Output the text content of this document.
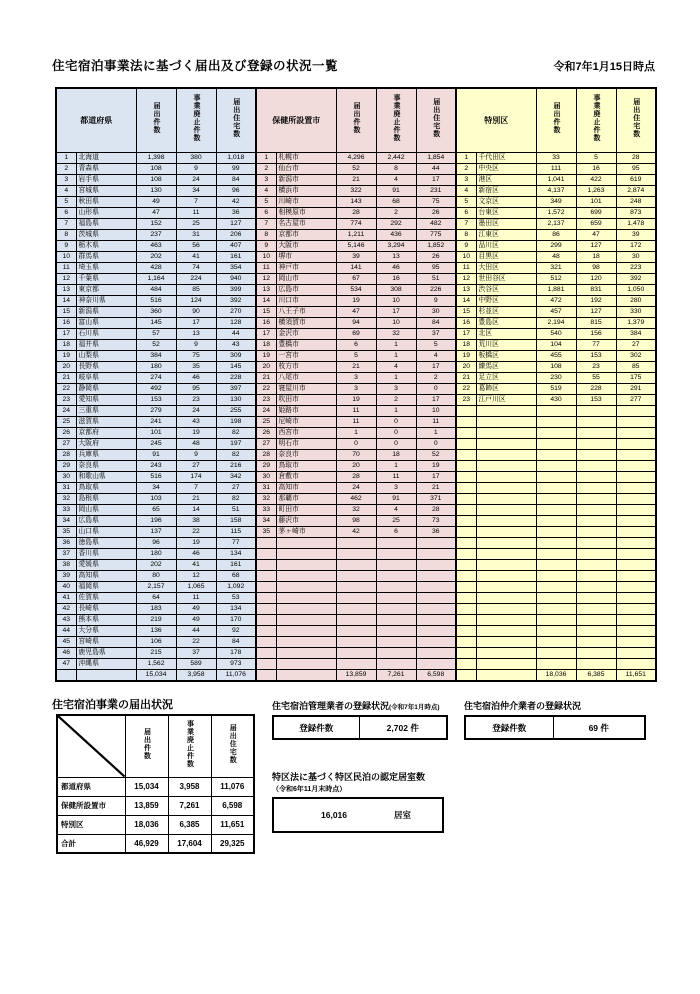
住宅宿泊事業法に基づく届出及び登録の状況一覧	令和7年1月15日時点
都道府県		届出件数	事業廃止件数	届出住宅数	保健所設置市		届出件数	事業廃止件数	届出住宅数	特別区		届出件数	事業廃止件数	届出住宅数
1	北海道	1,398	380	1,018	1	札幌市	4,296	2,442	1,854	1	千代田区	33	5	28
2	青森県	108	9	99	2	仙台市	52	8	44	2	中央区	111	16	95
3	岩手県	108	24	84	3	新潟市	21	4	17	3	港区	1,041	422	619
4	宮城県	130	34	96	4	横浜市	322	91	231	4	新宿区	4,137	1,263	2,874
5	秋田県	49	7	42	5	川崎市	143	68	75	5	文京区	349	101	248
6	山形県	47	11	36	6	相模原市	28	2	26	6	台東区	1,572	699	873
7	福島県	152	25	127	7	名古屋市	774	292	482	7	墨田区	2,137	659	1,478
8	茨城県	237	31	206	8	京都市	1,211	436	775	8	江東区	86	47	39
9	栃木県	463	56	407	9	大阪市	5,146	3,294	1,852	9	品川区	299	127	172
10	群馬県	202	41	161	10	堺市	39	13	26	10	目黒区	48	18	30
11	埼玉県	428	74	354	11	神戸市	141	46	95	11	大田区	321	98	223
12	千葉県	1,164	224	940	12	岡山市	67	16	51	12	世田谷区	512	120	392
13	東京都	484	85	399	13	広島市	534	308	226	13	渋谷区	1,881	831	1,050
14	神奈川県	516	124	392	14	川口市	19	10	9	14	中野区	472	192	280
15	新潟県	360	90	270	15	八王子市	47	17	30	15	杉並区	457	127	330
16	富山県	145	17	128	16	横須賀市	94	10	84	16	豊島区	2,194	815	1,379
17	石川県	57	13	44	17	金沢市	69	32	37	17	北区	540	156	384
18	福井県	52	9	43	18	豊橋市	6	1	5	18	荒川区	104	77	27
19	山梨県	384	75	309	19	一宮市	5	1	4	19	板橋区	455	153	302
20	長野県	180	35	145	20	枚方市	21	4	17	20	練馬区	108	23	85
21	岐阜県	274	46	228	21	八尾市	3	1	2	21	足立区	230	55	175
22	静岡県	492	95	397	22	寝屋川市	3	3	0	22	葛飾区	519	228	291
23	愛知県	153	23	130	23	吹田市	19	2	17	23	江戸川区	430	153	277
24	三重県	279	24	255	24	姫路市	11	1	10					
25	滋賀県	241	43	198	25	尼崎市	11	0	11					
26	京都府	101	19	82	26	西宮市	1	0	1					
27	大阪府	245	48	197	27	明石市	0	0	0					
28	兵庫県	91	9	82	28	奈良市	70	18	52					
29	奈良県	243	27	216	29	鳥取市	20	1	19					
30	和歌山県	516	174	342	30	倉敷市	28	11	17					
31	鳥取県	34	7	27	31	高知市	24	3	21					
32	島根県	103	21	82	32	那覇市	462	91	371					
33	岡山県	65	14	51	33	町田市	32	4	28					
34	広島県	196	38	158	34	藤沢市	98	25	73					
35	山口県	137	22	115	35	茅ヶ崎市	42	6	36					
36	徳島県	96	19	77										
37	香川県	180	46	134										
38	愛媛県	202	41	161										
39	高知県	80	12	68										
40	福岡県	2,157	1,065	1,092										
41	佐賀県	64	11	53										
42	長崎県	183	49	134										
43	熊本県	219	49	170										
44	大分県	136	44	92										
45	宮崎県	106	22	84										
46	鹿児島県	215	37	178										
47	沖縄県	1,562	589	973										
		15,034	3,958	11,076			13,859	7,261	6,598			18,036	6,385	11,651
住宅宿泊事業の届出状況
	届出件数	事業廃止件数	届出住宅数
都道府県	15,034	3,958	11,076
保健所設置市	13,859	7,261	6,598
特別区	18,036	6,385	11,651
合計	46,929	17,604	29,325
住宅宿泊管理業者の登録状況(令和7年1月時点)
登録件数	2,702 件
住宅宿泊仲介業者の登録状況
登録件数	69 件
特区法に基づく特区民泊の認定居室数
（令和6年11月末時点）
16,016	居室
